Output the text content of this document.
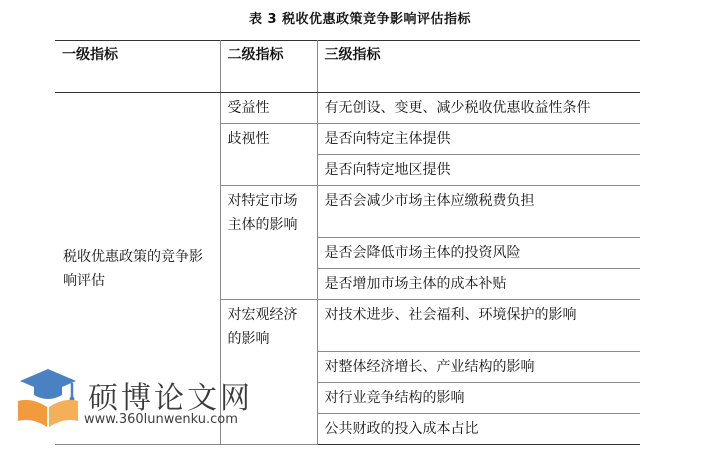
表 3 税收优惠政策竞争影响评估指标
一级指标	二级指标	三级指标
税收优惠政策的竞争影响评估	受益性	有无创设、变更、减少税收优惠收益性条件
	歧视性	是否向特定主体提供
		是否向特定地区提供
	对特定市场主体的影响	是否会减少市场主体应缴税费负担
		是否会降低市场主体的投资风险
		是否增加市场主体的成本补贴
	对宏观经济的影响	对技术进步、社会福利、环境保护的影响
		对整体经济增长、产业结构的影响
		对行业竞争结构的影响
		公共财政的投入成本占比
硕博论文网
www.360lunwenku.com
